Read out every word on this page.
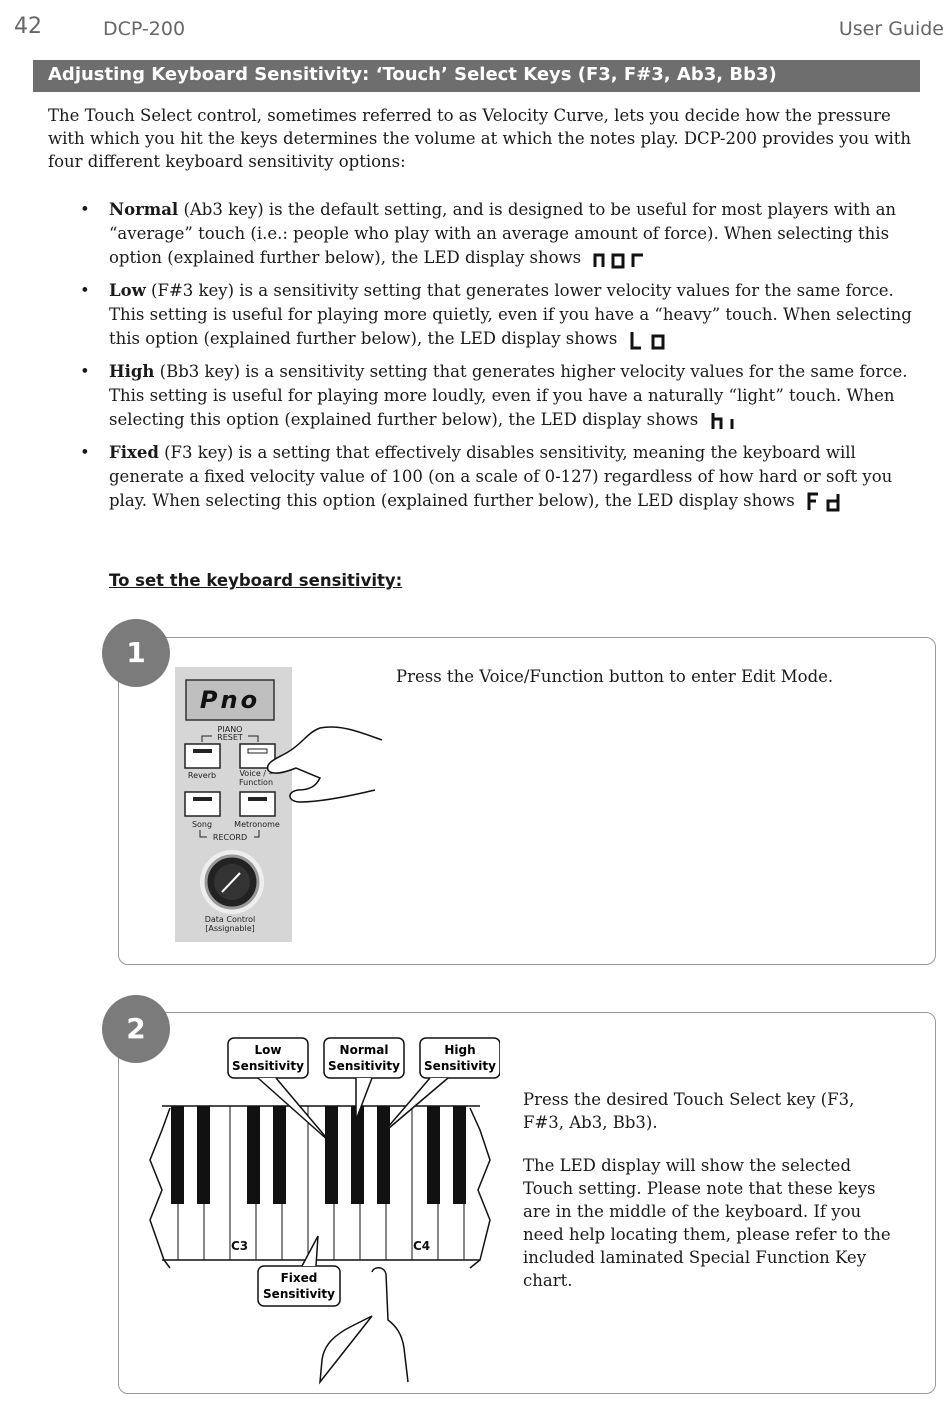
42	DCP-200	User Guide
Adjusting Keyboard Sensitivity: ‘Touch’ Select Keys (F3, F#3, Ab3, Bb3)
The Touch Select control, sometimes referred to as Velocity Curve, lets you decide how the pressure with which you hit the keys determines the volume at which the notes play. DCP-200 provides you with four different keyboard sensitivity options:
• Normal (Ab3 key) is the default setting, and is designed to be useful for most players with an “average” touch (i.e.: people who play with an average amount of force). When selecting this option (explained further below), the LED display shows
• Low (F#3 key) is a sensitivity setting that generates lower velocity values for the same force. This setting is useful for playing more quietly, even if you have a “heavy” touch. When selecting this option (explained further below), the LED display shows
• High (Bb3 key) is a sensitivity setting that generates higher velocity values for the same force. This setting is useful for playing more loudly, even if you have a naturally “light” touch. When selecting this option (explained further below), the LED display shows
• Fixed (F3 key) is a setting that effectively disables sensitivity, meaning the keyboard will generate a fixed velocity value of 100 (on a scale of 0-127) regardless of how hard or soft you play. When selecting this option (explained further below), the LED display shows
To set the keyboard sensitivity:
1
Press the Voice/Function button to enter Edit Mode.
Pno
PIANO
RESET
Reverb	Voice / –
Function
Song	Metronome
RECORD
Data Control
[Assignable]
2

Press the desired Touch Select key (F3, F#3, Ab3, Bb3).

The LED display will show the selected Touch setting. Please note that these keys are in the middle of the keyboard. If you need help locating them, please refer to the included laminated Special Function Key chart.

C3	C4
Low
Sensitivity
Normal
Sensitivity
High
Sensitivity
Fixed
Sensitivity
